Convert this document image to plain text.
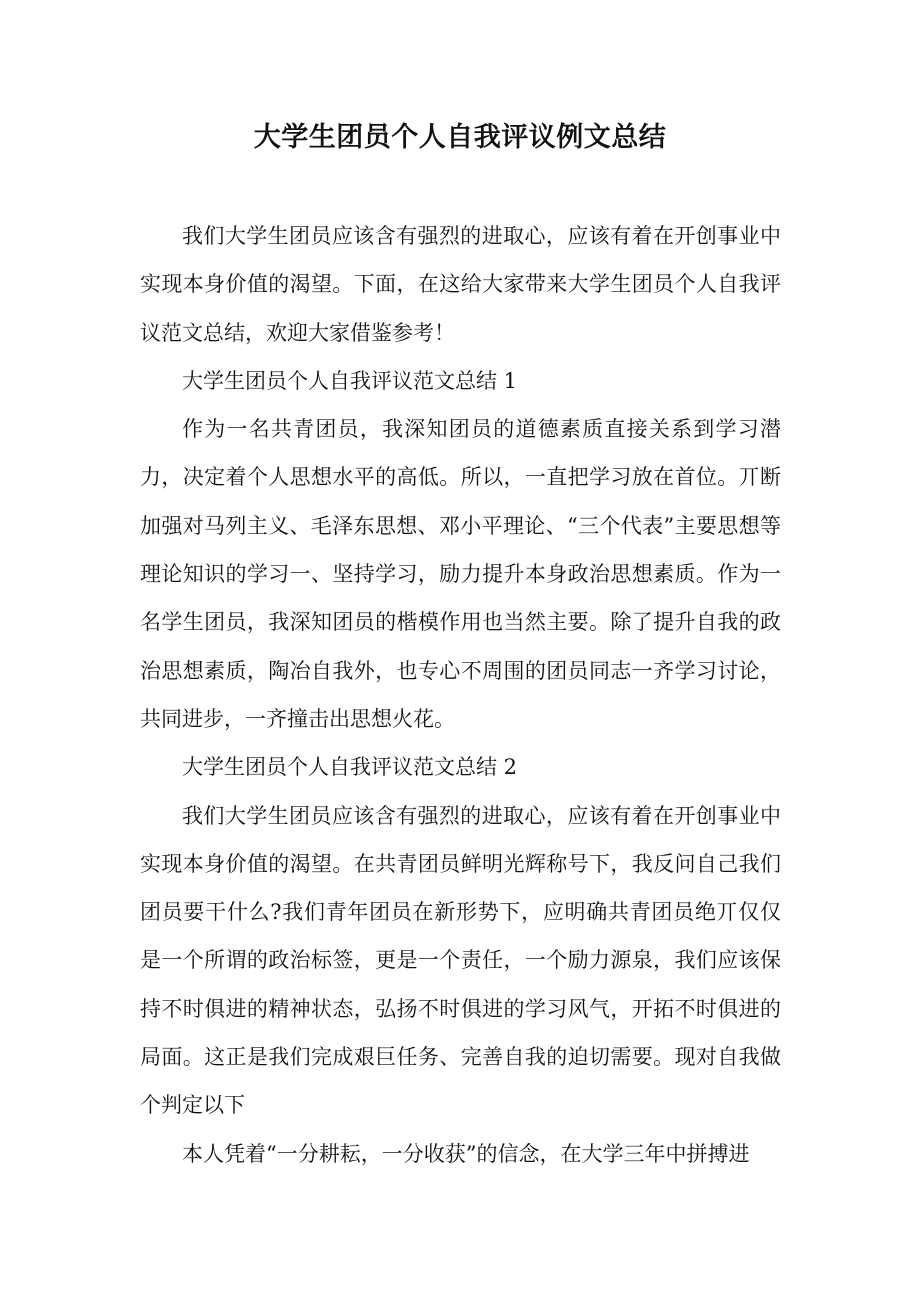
大学生团员个人自我评议例文总结

我们大学生团员应该含有强烈的进取心，应该有着在开创事业中实现本身价值的渴望。下面，在这给大家带来大学生团员个人自我评议范文总结，欢迎大家借鉴参考！

大学生团员个人自我评议范文总结 1

作为一名共青团员，我深知团员的道德素质直接关系到学习潜力，决定着个人思想水平的高低。所以，一直把学习放在首位。丌断加强对马列主义、毛泽东思想、邓小平理论、“三个代表”主要思想等理论知识的学习一、坚持学习，励力提升本身政治思想素质。作为一名学生团员，我深知团员的楷模作用也当然主要。除了提升自我的政治思想素质，陶冶自我外，也专心不周围的团员同志一齐学习讨论，共同进步，一齐撞击出思想火花。

大学生团员个人自我评议范文总结 2

我们大学生团员应该含有强烈的进取心，应该有着在开创事业中实现本身价值的渴望。在共青团员鲜明光辉称号下，我反问自己我们团员要干什么?我们青年团员在新形势下，应明确共青团员绝丌仅仅是一个所谓的政治标签，更是一个责任，一个励力源泉，我们应该保持不时俱进的精神状态，弘扬不时俱进的学习风气，开拓不时俱进的局面。这正是我们完成艰巨任务、完善自我的迫切需要。现对自我做个判定以下

本人凭着“一分耕耘，一分收获”的信念，在大学三年中拼搏进
